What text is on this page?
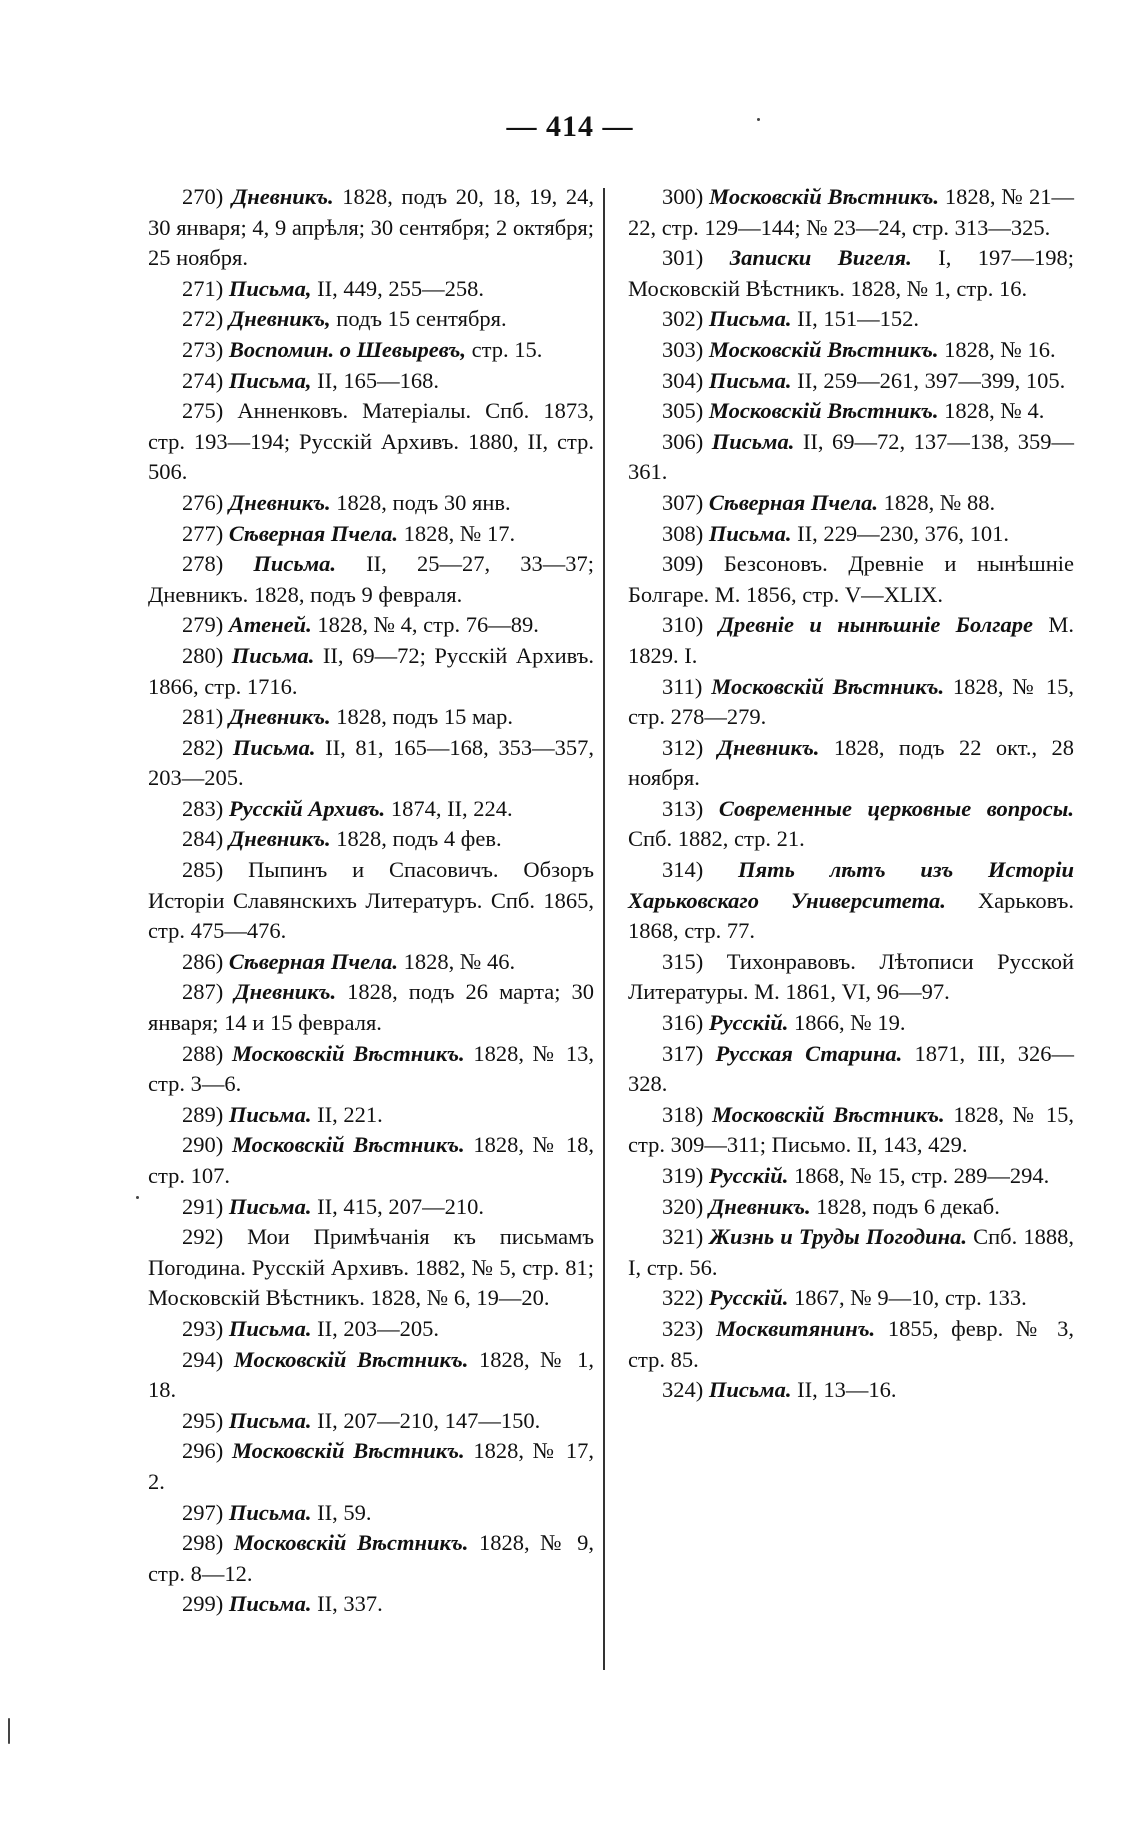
— 414 —

270) Дневникъ. 1828, подъ 20, 18, 19, 24, 30 января; 4, 9 апрѣля; 30 сентября; 2 октября; 25 ноября.

271) Письма, II, 449, 255—258.

272) Дневникъ, подъ 15 сентября.

273) Воспомин. о Шевыревъ, стр. 15.

274) Письма, II, 165—168.

275) Анненковъ. Матеріалы. Спб. 1873, стр. 193—194; Русскій Архивъ. 1880, II, стр. 506.

276) Дневникъ. 1828, подъ 30 янв.

277) Сѣверная Пчела. 1828, № 17.

278) Письма. II, 25—27, 33—37; Дневникъ. 1828, подъ 9 февраля.

279) Атеней. 1828, № 4, стр. 76—89.

280) Письма. II, 69—72; Русскій Архивъ. 1866, стр. 1716.

281) Дневникъ. 1828, подъ 15 мар.

282) Письма. II, 81, 165—168, 353—357, 203—205.

283) Русскій Архивъ. 1874, II, 224.

284) Дневникъ. 1828, подъ 4 фев.

285) Пыпинъ и Спасовичъ. Обзоръ Исторіи Славянскихъ Литературъ. Спб. 1865, стр. 475—476.

286) Сѣверная Пчела. 1828, № 46.

287) Дневникъ. 1828, подъ 26 марта; 30 января; 14 и 15 февраля.

288) Московскій Вѣстникъ. 1828, № 13, стр. 3—6.

289) Письма. II, 221.

290) Московскій Вѣстникъ. 1828, № 18, стр. 107.

291) Письма. II, 415, 207—210.

292) Мои Примѣчанія къ письмамъ Погодина. Русскій Архивъ. 1882, № 5, стр. 81; Московскій Вѣстникъ. 1828, № 6, 19—20.

293) Письма. II, 203—205.

294) Московскій Вѣстникъ. 1828, № 1, 18.

295) Письма. II, 207—210, 147—150.

296) Московскій Вѣстникъ. 1828, № 17, 2.

297) Письма. II, 59.

298) Московскій Вѣстникъ. 1828, № 9, стр. 8—12.

299) Письма. II, 337.

300) Московскій Вѣстникъ. 1828, № 21—22, стр. 129—144; № 23—24, стр. 313—325.

301) Записки Вигеля. I, 197—198; Московскій Вѣстникъ. 1828, № 1, стр. 16.

302) Письма. II, 151—152.

303) Московскій Вѣстникъ. 1828, № 16.

304) Письма. II, 259—261, 397—399, 105.

305) Московскій Вѣстникъ. 1828, № 4.

306) Письма. II, 69—72, 137—138, 359—361.

307) Сѣверная Пчела. 1828, № 88.

308) Письма. II, 229—230, 376, 101.

309) Безсоновъ. Древніе и нынѣшніе Болгаре. М. 1856, стр. V—XLIX.

310) Древніе и нынѣшніе Болгаре М. 1829. I.

311) Московскій Вѣстникъ. 1828, № 15, стр. 278—279.

312) Дневникъ. 1828, подъ 22 окт., 28 ноября.

313) Современные церковные вопросы. Спб. 1882, стр. 21.

314) Пять лѣтъ изъ Исторіи Харьковскаго Университета. Харьковъ. 1868, стр. 77.

315) Тихонравовъ. Лѣтописи Русской Литературы. М. 1861, VI, 96—97.

316) Русскій. 1866, № 19.

317) Русская Старина. 1871, III, 326—328.

318) Московскій Вѣстникъ. 1828, № 15, стр. 309—311; Письмо. II, 143, 429.

319) Русскій. 1868, № 15, стр. 289—294.

320) Дневникъ. 1828, подъ 6 декаб.

321) Жизнь и Труды Погодина. Спб. 1888, I, стр. 56.

322) Русскій. 1867, № 9—10, стр. 133.

323) Москвитянинъ. 1855, февр. № 3, стр. 85.

324) Письма. II, 13—16.
